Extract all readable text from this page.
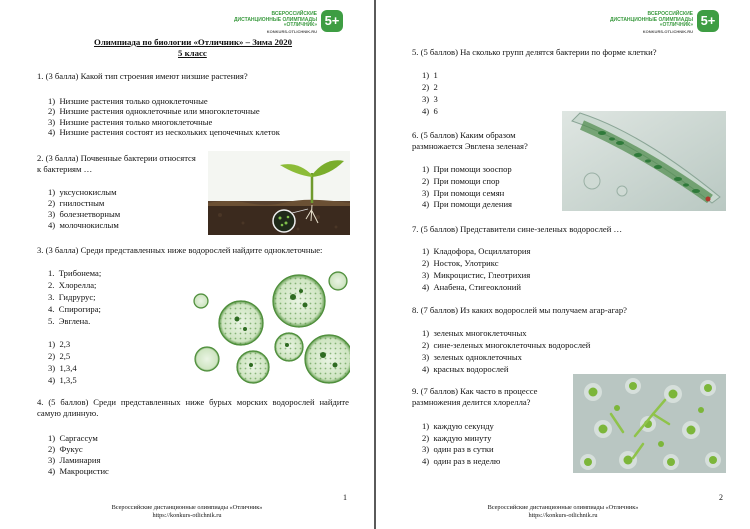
ВСЕРОССИЙСКИЕ
ДИСТАНЦИОННЫЕ ОЛИМПИАДЫ
«ОТЛИЧНИК»
KONKURS-OTLICHNIK.RU
5+
Олимпиада по биологии «Отличник» – Зима 2020
5 класс
1. (3 балла) Какой тип строения имеют низшие растения?
1)  Низшие растения только одноклеточные
2)  Низшие растения одноклеточные или многоклеточные
3)  Низшие растения только многоклеточные
4)  Низшие растения состоят из нескольких цепочечных клеток
2. (3 балла) Почвенные бактерии относятся
к бактериям …
1)  уксуснокислым
2)  гнилостным
3)  болезнетворным
4)  молочнокислым
3. (3 балла) Среди представленных ниже водорослей найдите одноклеточные:
1.  Трибонема;
2.  Хлорелла;
3.  Гидрурус;
4.  Спирогира;
5.  Эвглена.
1)  2,3
2)  2,5
3)  1,3,4
4)  1,3,5
4. (5 баллов) Среди представленных ниже бурых морских водорослей найдите самую длинную.
1)  Саргассум
2)  Фукус
3)  Ламинария
4)  Макроцистис
1
Всероссийские дистанционные олимпиады «Отличник»
https://konkurs-otlichnik.ru
ВСЕРОССИЙСКИЕ
ДИСТАНЦИОННЫЕ ОЛИМПИАДЫ
«ОТЛИЧНИК»
KONKURS-OTLICHNIK.RU
5+
5. (5 баллов) На сколько групп делятся бактерии по форме клетки?
1)  1
2)  2
3)  3
4)  6
6. (5 баллов) Каким образом
размножается Эвглена зеленая?
1)  При помощи зооспор
2)  При помощи спор
3)  При помощи семян
4)  При помощи деления
7. (5 баллов) Представители сине-зеленых водорослей …
1)  Кладофора, Осциллатория
2)  Носток, Улотрикс
3)  Микроцистис, Глеотрихия
4)  Анабена, Стигеоклоний
8. (7 баллов) Из каких водорослей мы получаем агар-агар?
1)  зеленых многоклеточных
2)  сине-зеленых многоклеточных водорослей
3)  зеленых одноклеточных
4)  красных водорослей
9. (7 баллов) Как часто в процессе
размножения делится хлорелла?
1)  каждую секунду
2)  каждую минуту
3)  один раз в сутки
4)  один раз в неделю
2
Всероссийские дистанционные олимпиады «Отличник»
https://konkurs-otlichnik.ru
